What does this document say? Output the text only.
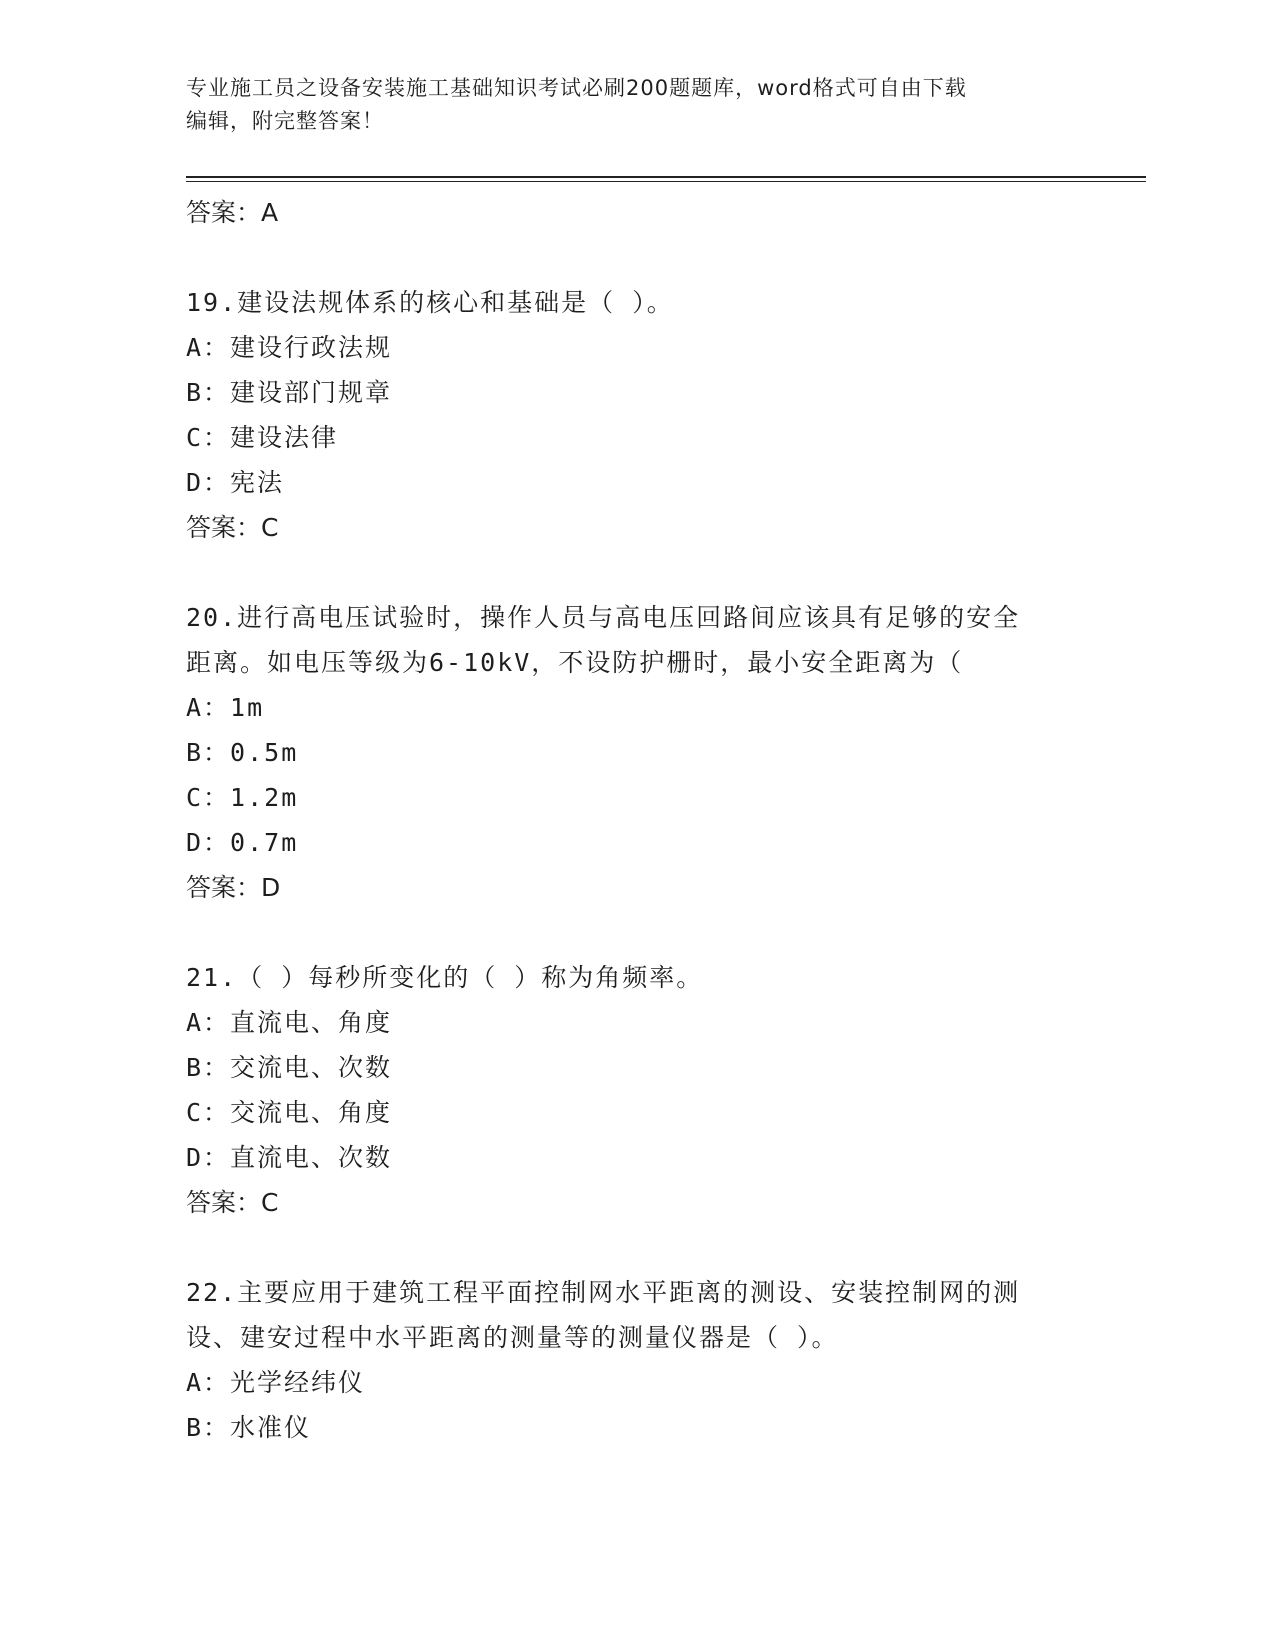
专业施工员之设备安装施工基础知识考试必刷200题题库，word格式可自由下载
编辑，附完整答案！
答案：A
19.建设法规体系的核心和基础是（ ）。
A：建设行政法规
B：建设部门规章
C：建设法律
D：宪法
答案：C
20.进行高电压试验时，操作人员与高电压回路间应该具有足够的安全
距离。如电压等级为6-10kV，不设防护栅时，最小安全距离为（
A：1m
B：0.5m
C：1.2m
D：0.7m
答案：D
21.（ ）每秒所变化的（ ）称为角频率。
A：直流电、角度
B：交流电、次数
C：交流电、角度
D：直流电、次数
答案：C
22.主要应用于建筑工程平面控制网水平距离的测设、安装控制网的测
设、建安过程中水平距离的测量等的测量仪器是（ ）。
A：光学经纬仪
B：水准仪
